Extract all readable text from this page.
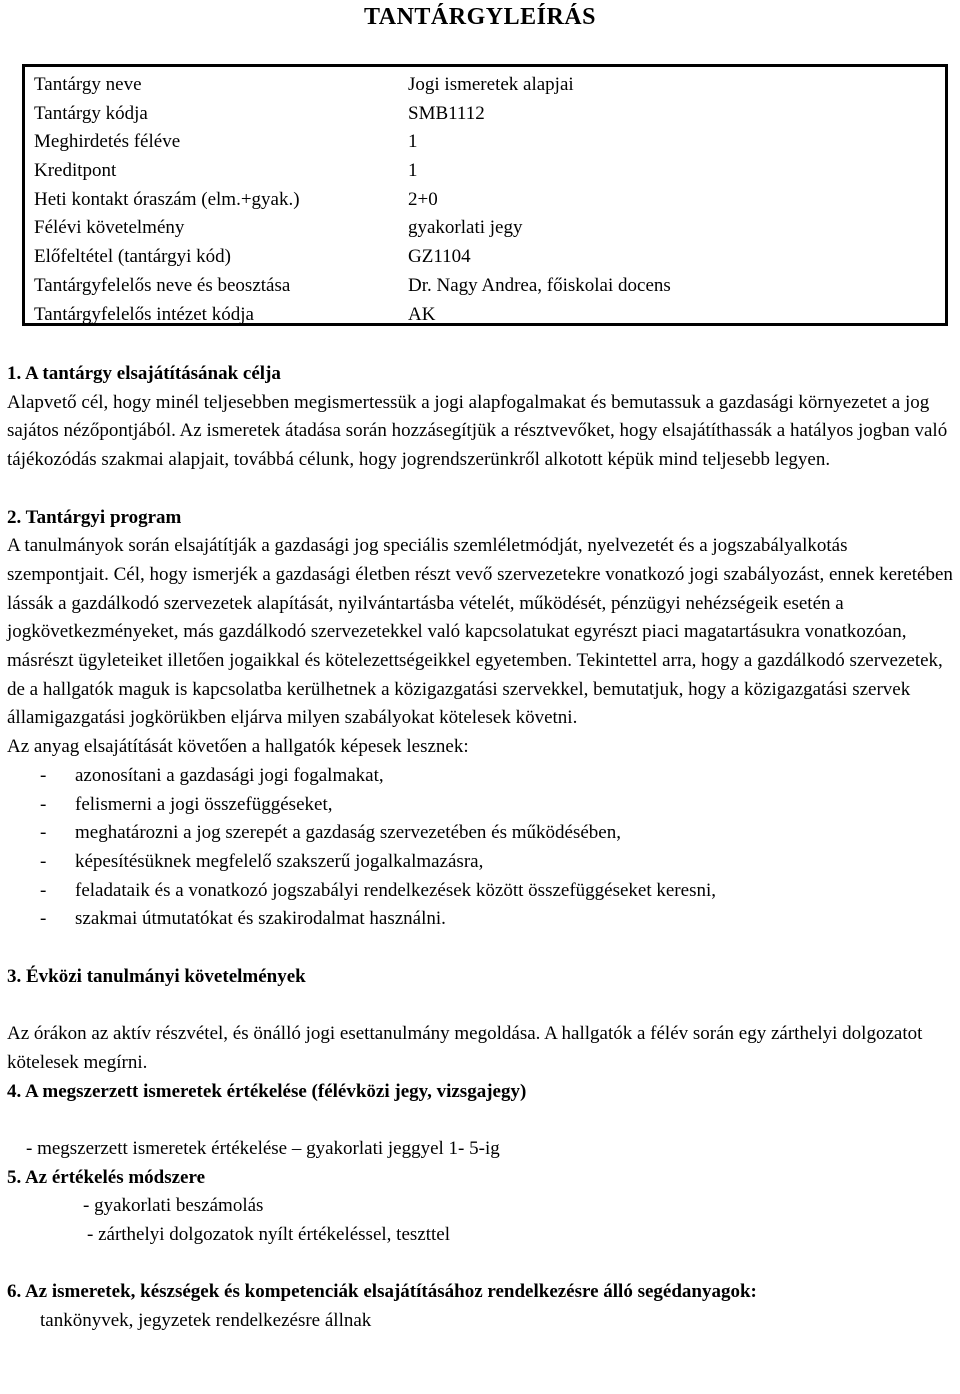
TANTÁRGYLEÍRÁS
Tantárgy neve	Jogi ismeretek alapjai
Tantárgy kódja	SMB1112
Meghirdetés féléve	1
Kreditpont	1
Heti kontakt óraszám (elm.+gyak.)	2+0
Félévi követelmény	gyakorlati jegy
Előfeltétel (tantárgyi kód)	GZ1104
Tantárgyfelelős neve és beosztása	Dr. Nagy Andrea, főiskolai docens
Tantárgyfelelős intézet kódja	AK

1. A tantárgy elsajátításának célja

Alapvető cél, hogy minél teljesebben megismertessük a jogi alapfogalmakat és bemutassuk a gazdasági környezetet a jog sajátos nézőpontjából. Az ismeretek átadása során hozzásegítjük a résztvevőket, hogy elsajátíthassák a hatályos jogban való tájékozódás szakmai alapjait, továbbá célunk, hogy jogrendszerünkről alkotott képük mind teljesebb legyen.

2. Tantárgyi program

A tanulmányok során elsajátítják a gazdasági jog speciális szemléletmódját, nyelvezetét és a jogszabályalkotás szempontjait. Cél, hogy ismerjék a gazdasági életben részt vevő szervezetekre vonatkozó jogi szabályozást, ennek keretében lássák a gazdálkodó szervezetek alapítását, nyilvántartásba vételét, működését, pénzügyi nehézségeik esetén a jogkövetkezményeket, más gazdálkodó szervezetekkel való kapcsolatukat egyrészt piaci magatartásukra vonatkozóan, másrészt ügyleteiket illetően jogaikkal és kötelezettségeikkel egyetemben. Tekintettel arra, hogy a gazdálkodó szervezetek, de a hallgatók maguk is kapcsolatba kerülhetnek a közigazgatási szervekkel, bemutatjuk, hogy a közigazgatási szervek államigazgatási jogkörükben eljárva milyen szabályokat kötelesek követni.

Az anyag elsajátítását követően a hallgatók képesek lesznek:

- azonosítani a gazdasági jogi fogalmakat,
- felismerni a jogi összefüggéseket,
- meghatározni a jog szerepét a gazdaság szervezetében és működésében,
- képesítésüknek megfelelő szakszerű jogalkalmazásra,
- feladataik és a vonatkozó jogszabályi rendelkezések között összefüggéseket keresni,
- szakmai útmutatókat és szakirodalmat használni.

3. Évközi tanulmányi követelmények

Az órákon az aktív részvétel, és önálló jogi esettanulmány megoldása. A hallgatók a félév során egy zárthelyi dolgozatot kötelesek megírni.

4. A megszerzett ismeretek értékelése (félévközi jegy, vizsgajegy)

- megszerzett ismeretek értékelése – gyakorlati jeggyel 1- 5-ig

5. Az értékelés módszere

- gyakorlati beszámolás

- zárthelyi dolgozatok nyílt értékeléssel, teszttel

6. Az ismeretek, készségek és kompetenciák elsajátításához rendelkezésre álló segédanyagok:

tankönyvek, jegyzetek rendelkezésre állnak
